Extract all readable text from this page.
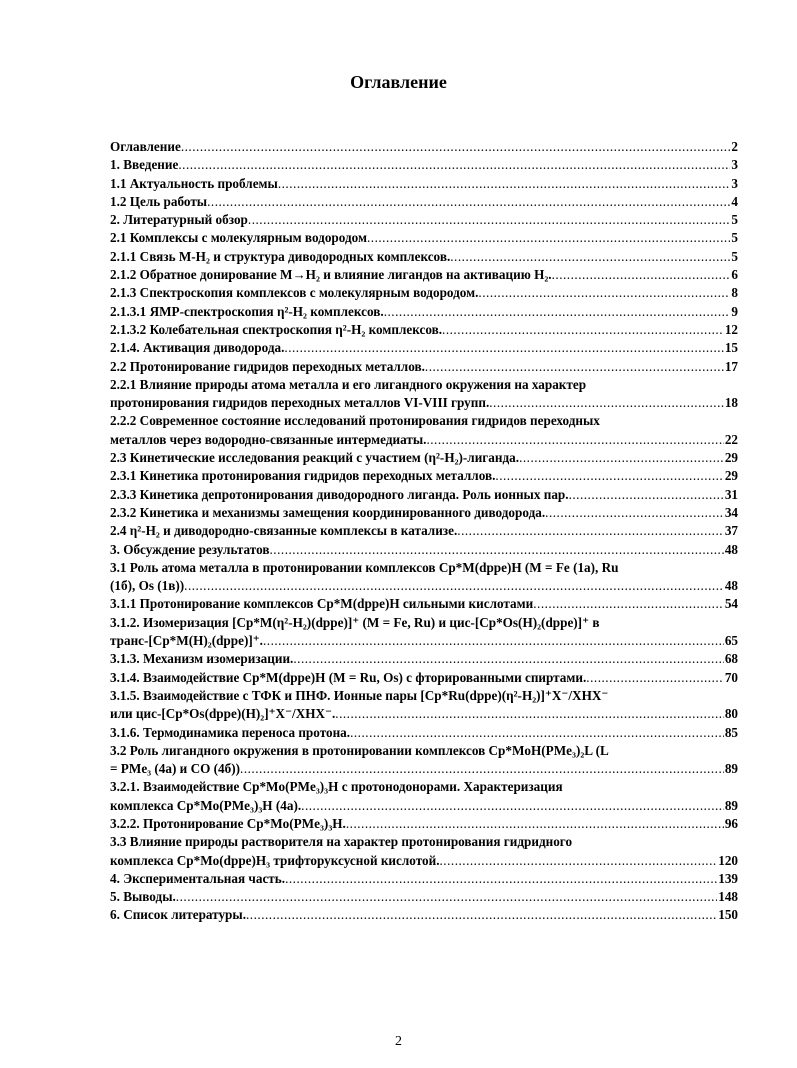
Оглавление
Оглавление .....	2
1. Введение .....	3
1.1 Актуальность проблемы .....	3
1.2 Цель работы .....	4
2. Литературный обзор .....	5
2.1 Комплексы с молекулярным водородом .....	5
2.1.1 Связь M-H₂ и структура диводородных комплексов. .....	5
2.1.2 Обратное донирование M→H₂ и влияние лигандов на активацию H₂. .....	6
2.1.3 Спектроскопия комплексов с молекулярным водородом. .....	8
2.1.3.1 ЯМР-спектроскопия η²-H₂ комплексов. .....	9
2.1.3.2 Колебательная спектроскопия η²-H₂ комплексов. .....	12
2.1.4. Активация диводорода. .....	15
2.2 Протонирование гидридов переходных металлов. .....	17
2.2.1 Влияние природы атома металла и его лигандного окружения на характер
протонирования гидридов переходных металлов VI-VIII групп. .....	18
2.2.2 Современное состояние исследований протонирования гидридов переходных
металлов через водородно-связанные интермедиаты. .....	22
2.3 Кинетические исследования реакций с участием (η²-H₂)-лиганда. .....	29
2.3.1 Кинетика протонирования гидридов переходных металлов. .....	29
2.3.3 Кинетика депротонирования диводородного лиганда. Роль ионных пар. .....	31
2.3.2 Кинетика и механизмы замещения координированного диводорода. .....	34
2.4 η²-H₂ и диводородно-связанные комплексы в катализе. .....	37
3. Обсуждение результатов .....	48
3.1 Роль атома металла в протонировании комплексов Cp*M(dppe)H (M = Fe (1a), Ru
(1б), Os (1в)) .....	48
3.1.1 Протонирование комплексов Cp*M(dppe)H сильными кислотами .....	54
3.1.2. Изомеризация [Cp*M(η²-H₂)(dppe)]⁺ (M = Fe, Ru) и цис-[Cp*Os(H)₂(dppe)]⁺ в
транс-[Cp*M(H)₂(dppe)]⁺. .....	65
3.1.3. Механизм изомеризации. .....	68
3.1.4. Взаимодействие Cp*M(dppe)H (M = Ru, Os) с фторированными спиртами. .....	70
3.1.5. Взаимодействие с ТФК и ПНФ. Ионные пары [Cp*Ru(dppe)(η²-H₂)]⁺X⁻/XHX⁻
или цис-[Cp*Os(dppe)(H)₂]⁺X⁻/XHX⁻. .....	80
3.1.6. Термодинамика переноса протона. .....	85
3.2 Роль лигандного окружения в протонировании комплексов Cp*MoH(PMe₃)₂L (L
= PMe₃ (4а) и CO (4б)) .....	89
3.2.1. Взаимодействие Cp*Mo(PMe₃)₃H с протонодонорами. Характеризация
комплекса Cp*Mo(PMe₃)₃H (4a). .....	89
3.2.2. Протонирование Cp*Mo(PMe₃)₃H. .....	96
3.3 Влияние природы растворителя на характер протонирования гидридного
комплекса Cp*Mo(dppe)H₃ трифторуксусной кислотой. .....	120
4. Экспериментальная часть. .....	139
5. Выводы. .....	148
6. Список литературы. .....	150
2
